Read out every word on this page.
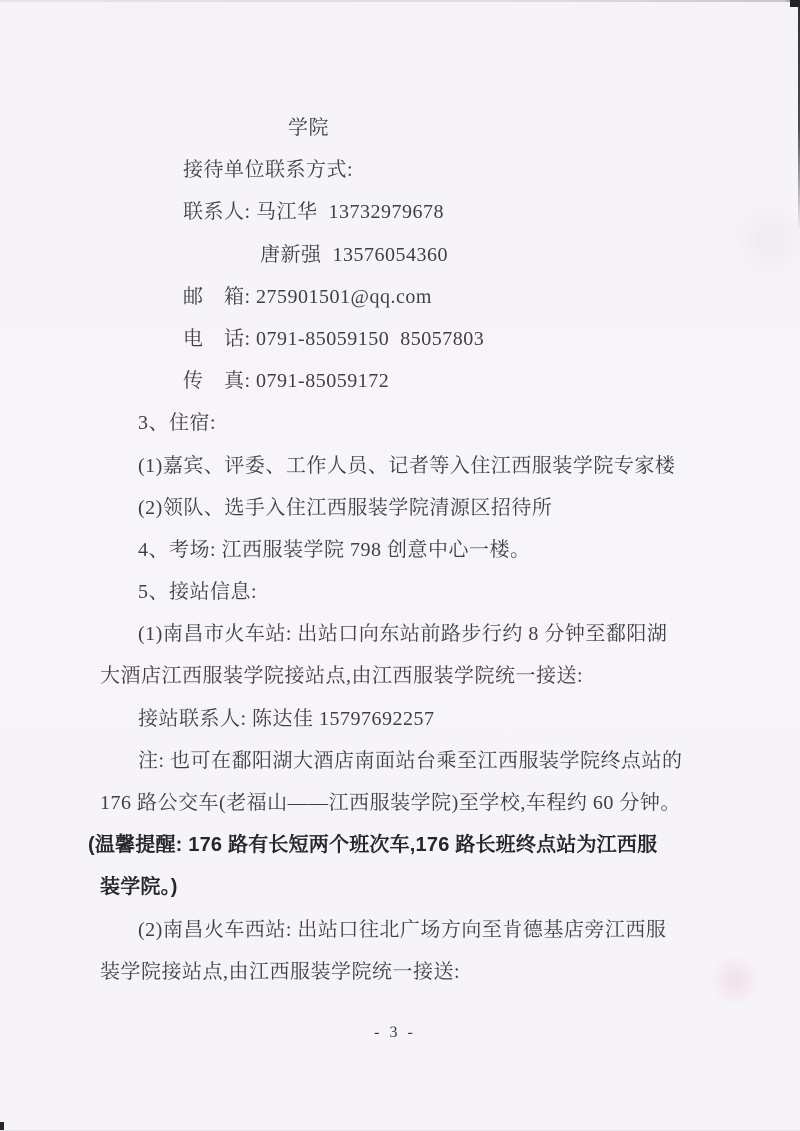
学院
接待单位联系方式:
联系人: 马江华  13732979678
唐新强  13576054360
邮　箱: 275901501@qq.com
电　话: 0791-85059150  85057803
传　真: 0791-85059172
3、住宿:
(1)嘉宾、评委、工作人员、记者等入住江西服装学院专家楼
(2)领队、选手入住江西服装学院清源区招待所
4、考场: 江西服装学院 798 创意中心一楼。
5、接站信息:
(1)南昌市火车站: 出站口向东站前路步行约 8 分钟至鄱阳湖
大酒店江西服装学院接站点,由江西服装学院统一接送:
接站联系人: 陈达佳 15797692257
注: 也可在鄱阳湖大酒店南面站台乘至江西服装学院终点站的
176 路公交车(老福山——江西服装学院)至学校,车程约 60 分钟。
(温馨提醒: 176 路有长短两个班次车,176 路长班终点站为江西服
装学院。)
(2)南昌火车西站: 出站口往北广场方向至肯德基店旁江西服
装学院接站点,由江西服装学院统一接送:
- 3 -
